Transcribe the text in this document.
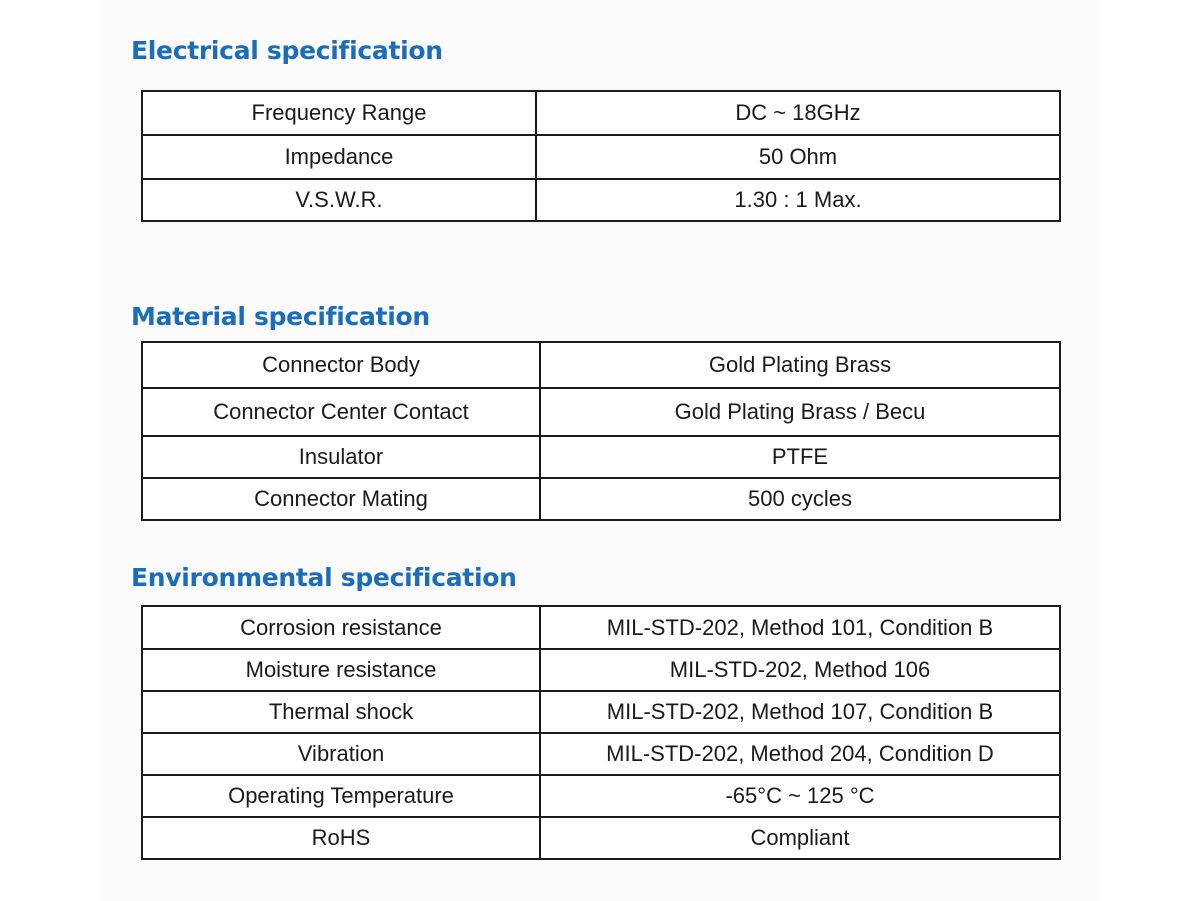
Electrical specification
Frequency Range	DC ~ 18GHz
Impedance	50 Ohm
V.S.W.R.	1.30 : 1 Max.
Material specification
Connector Body	Gold Plating Brass
Connector Center Contact	Gold Plating Brass / Becu
Insulator	PTFE
Connector Mating	500 cycles
Environmental specification
Corrosion resistance	MIL-STD-202, Method 101, Condition B
Moisture resistance	MIL-STD-202, Method 106
Thermal shock	MIL-STD-202, Method 107, Condition B
Vibration	MIL-STD-202, Method 204, Condition D
Operating Temperature	-65°C ~ 125 °C
RoHS	Compliant
